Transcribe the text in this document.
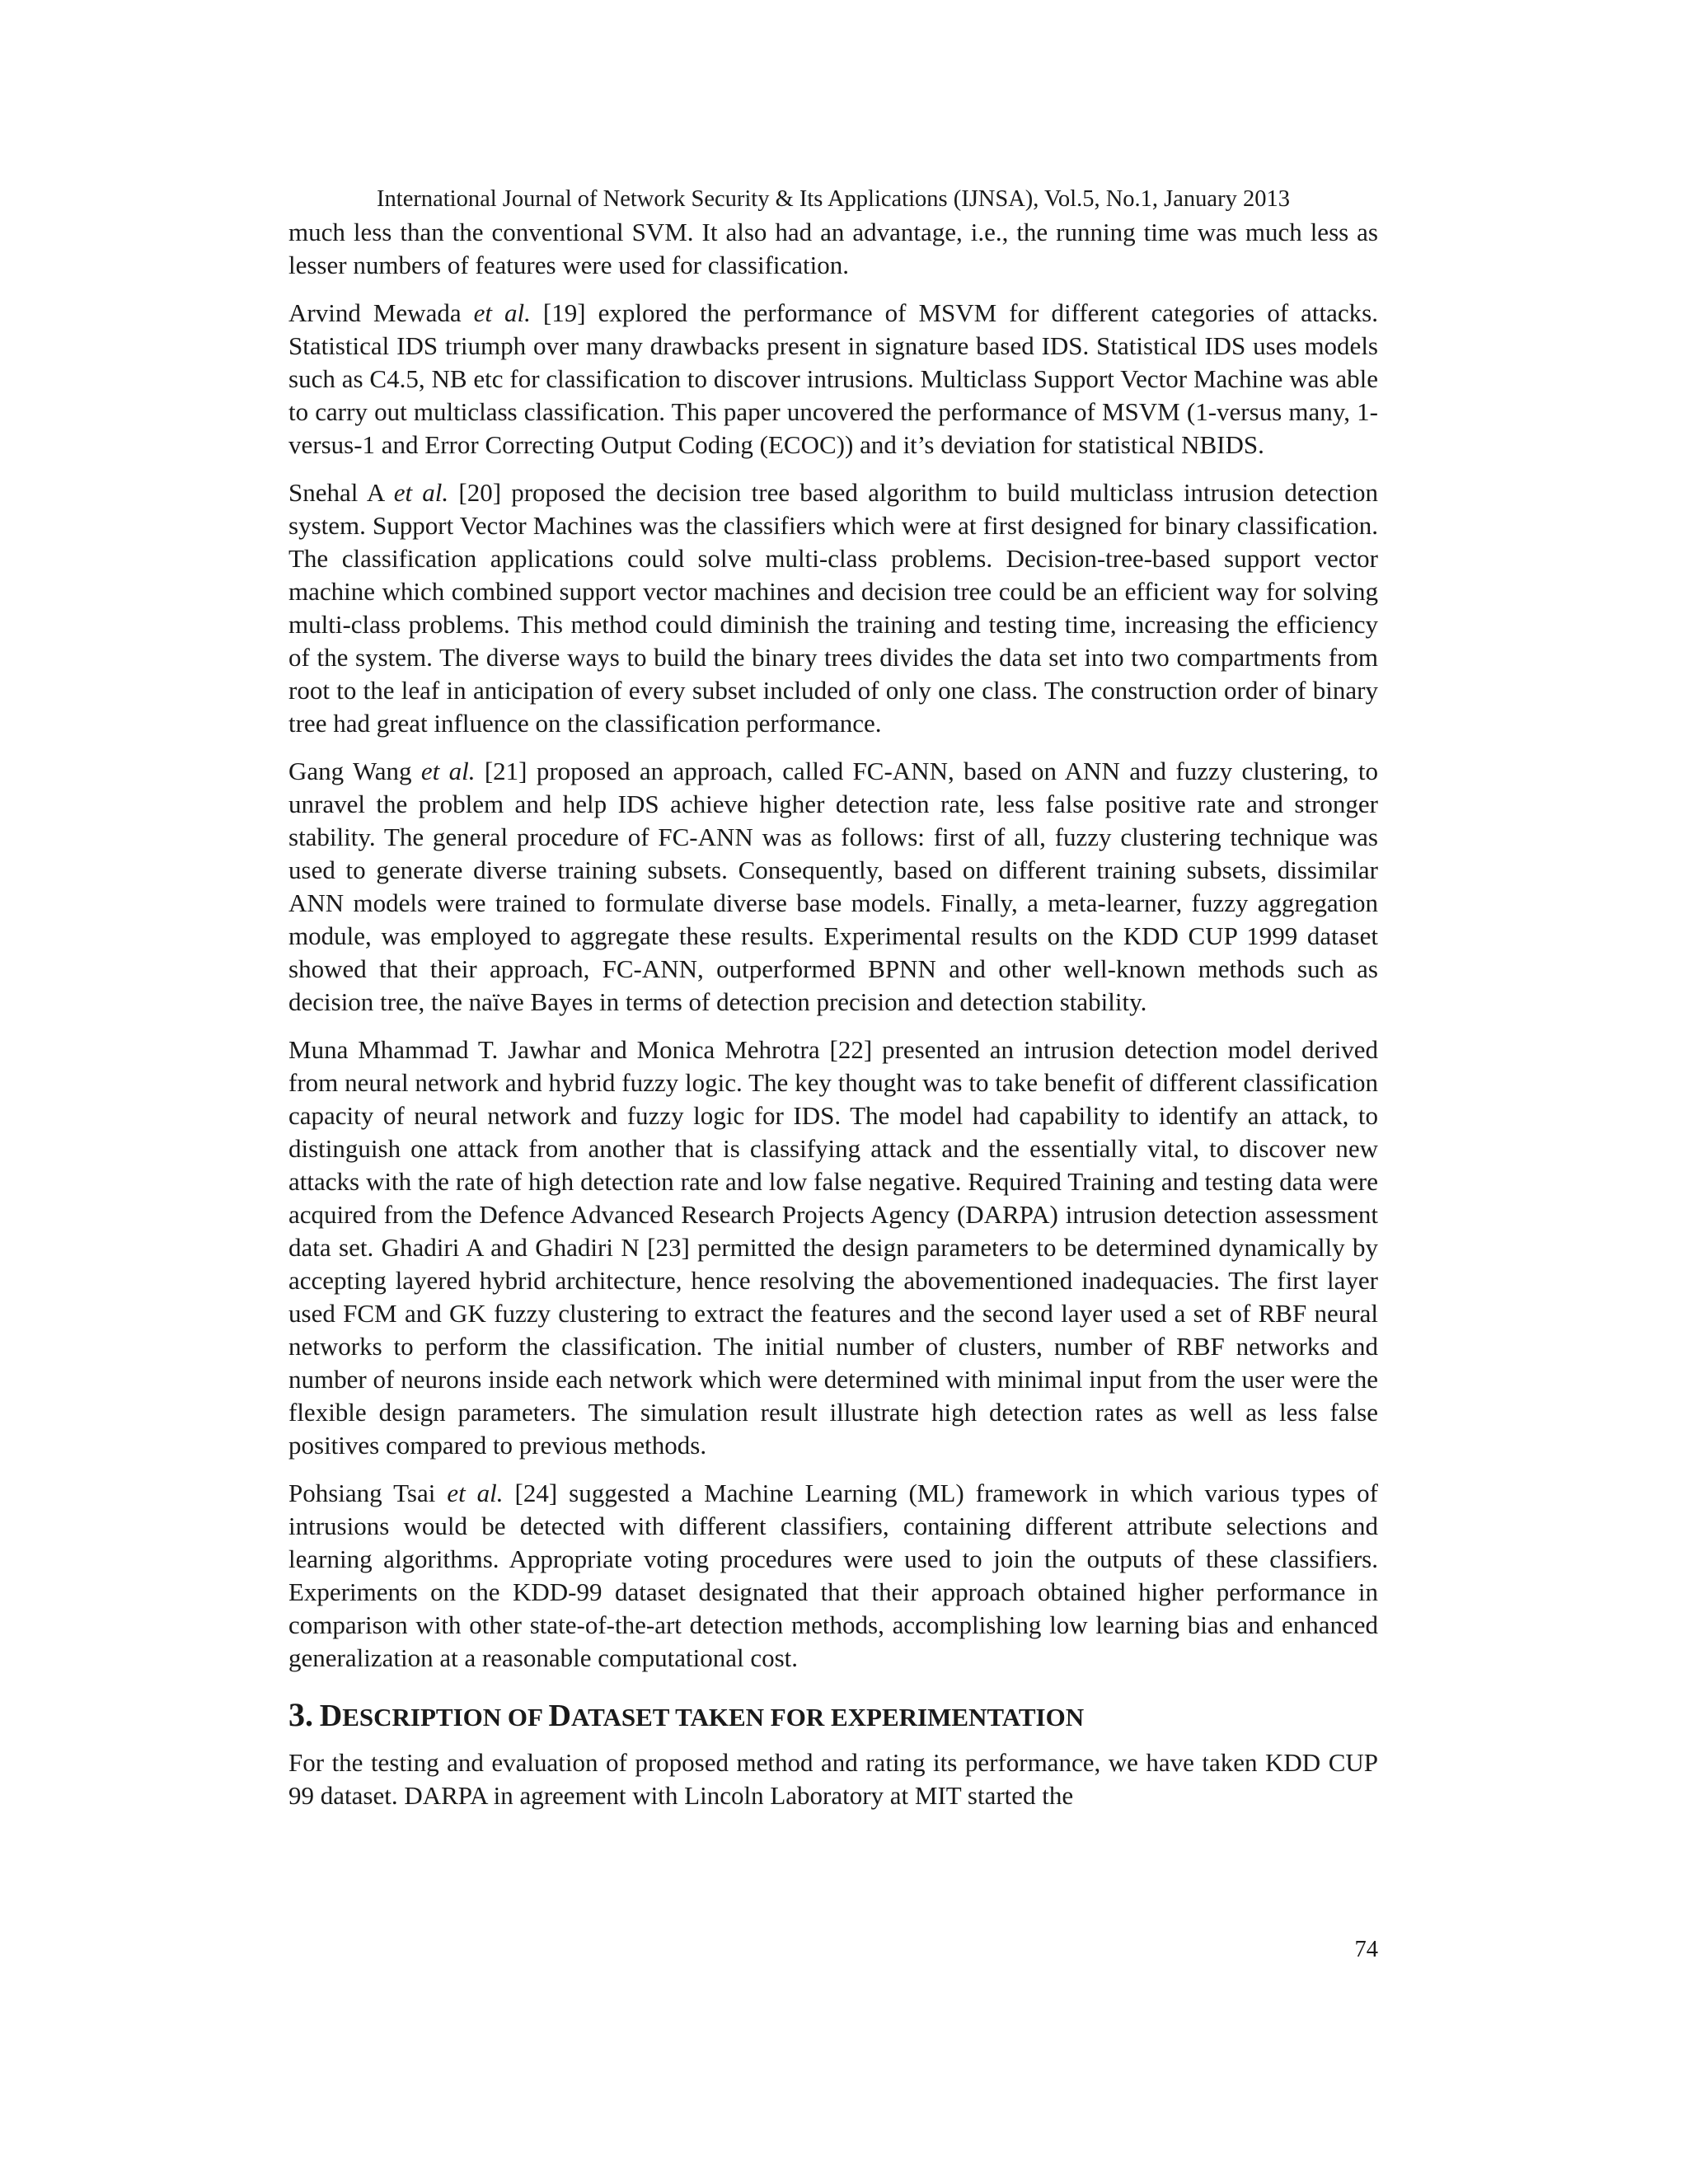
International Journal of Network Security & Its Applications (IJNSA), Vol.5, No.1, January 2013

much less than the conventional SVM. It also had an advantage, i.e., the running time was much less as lesser numbers of features were used for classification.

Arvind Mewada et al. [19] explored the performance of MSVM for different categories of attacks. Statistical IDS triumph over many drawbacks present in signature based IDS. Statistical IDS uses models such as C4.5, NB etc for classification to discover intrusions. Multiclass Support Vector Machine was able to carry out multiclass classification. This paper uncovered the performance of MSVM (1-versus many, 1-versus-1 and Error Correcting Output Coding (ECOC)) and it’s deviation for statistical NBIDS.

Snehal A et al. [20] proposed the decision tree based algorithm to build multiclass intrusion detection system. Support Vector Machines was the classifiers which were at first designed for binary classification. The classification applications could solve multi-class problems. Decision-tree-based support vector machine which combined support vector machines and decision tree could be an efficient way for solving multi-class problems. This method could diminish the training and testing time, increasing the efficiency of the system. The diverse ways to build the binary trees divides the data set into two compartments from root to the leaf in anticipation of every subset included of only one class. The construction order of binary tree had great influence on the classification performance.

Gang Wang et al. [21] proposed an approach, called FC-ANN, based on ANN and fuzzy clustering, to unravel the problem and help IDS achieve higher detection rate, less false positive rate and stronger stability. The general procedure of FC-ANN was as follows: first of all, fuzzy clustering technique was used to generate diverse training subsets. Consequently, based on different training subsets, dissimilar ANN models were trained to formulate diverse base models. Finally, a meta-learner, fuzzy aggregation module, was employed to aggregate these results. Experimental results on the KDD CUP 1999 dataset showed that their approach, FC-ANN, outperformed BPNN and other well-known methods such as decision tree, the naïve Bayes in terms of detection precision and detection stability.

Muna Mhammad T. Jawhar and Monica Mehrotra [22] presented an intrusion detection model derived from neural network and hybrid fuzzy logic. The key thought was to take benefit of different classification capacity of neural network and fuzzy logic for IDS. The model had capability to identify an attack, to distinguish one attack from another that is classifying attack and the essentially vital, to discover new attacks with the rate of high detection rate and low false negative. Required Training and testing data were acquired from the Defence Advanced Research Projects Agency (DARPA) intrusion detection assessment data set. Ghadiri A and Ghadiri N [23] permitted the design parameters to be determined dynamically by accepting layered hybrid architecture, hence resolving the abovementioned inadequacies. The first layer used FCM and GK fuzzy clustering to extract the features and the second layer used a set of RBF neural networks to perform the classification. The initial number of clusters, number of RBF networks and number of neurons inside each network which were determined with minimal input from the user were the flexible design parameters. The simulation result illustrate high detection rates as well as less false positives compared to previous methods.

Pohsiang Tsai et al. [24] suggested a Machine Learning (ML) framework in which various types of intrusions would be detected with different classifiers, containing different attribute selections and learning algorithms. Appropriate voting procedures were used to join the outputs of these classifiers. Experiments on the KDD-99 dataset designated that their approach obtained higher performance in comparison with other state-of-the-art detection methods, accomplishing low learning bias and enhanced generalization at a reasonable computational cost.

3. DESCRIPTION OF DATASET TAKEN FOR EXPERIMENTATION

For the testing and evaluation of proposed method and rating its performance, we have taken KDD CUP 99 dataset. DARPA in agreement with Lincoln Laboratory at MIT started the

74
